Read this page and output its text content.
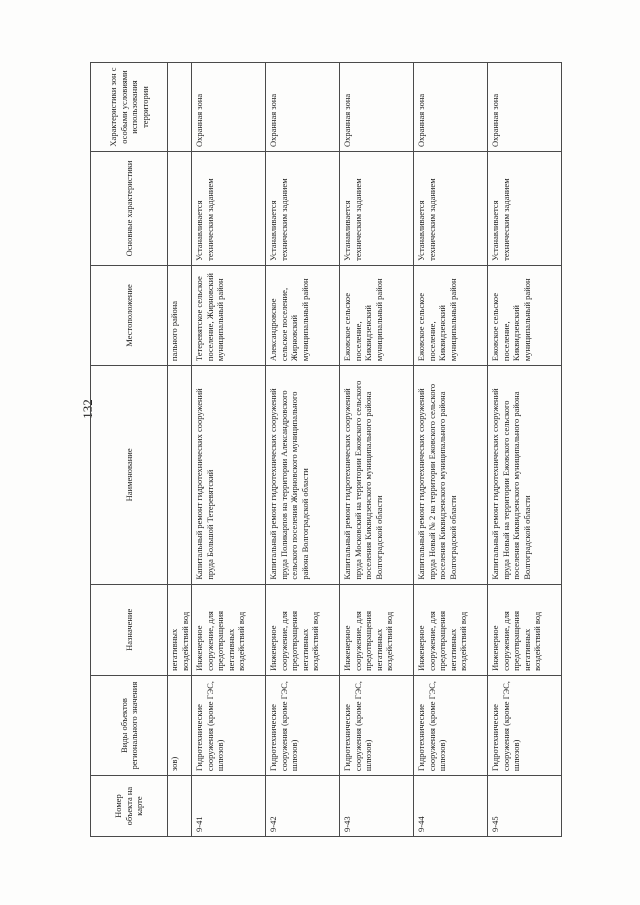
132
Номер объекта на карте	Виды объектов регионального значения	Назначение	Наименование	Местоположение	Основные характеристики	Характеристики зон с особыми условиями использования территории
	зов)	негативных воздействий вод		пального района		
9-41	Гидротехнические сооружения (кроме ГЭС, шлюзов)	Инженерное сооружение, для предотвращения негативных воздействий вод	Капитальный ремонт гидротехнических сооружений пруда Большой Тетеревятский	Тетеревятское сельское поселение, Жирновский муниципальный район	Устанавливается техническим заданием	Охранная зона
9-42	Гидротехнические сооружения (кроме ГЭС, шлюзов)	Инженерное сооружение, для предотвращения негативных воздействий вод	Капитальный ремонт гидротехнических сооружений пруда Поликарпов на территории Александровского сельского поселения Жирновского муниципального района Волгоградской области	Александровское сельское поселение, Жирновский муниципальный район	Устанавливается техническим заданием	Охранная зона
9-43	Гидротехнические сооружения (кроме ГЭС, шлюзов)	Инженерное сооружение, для предотвращения негативных воздействий вод	Капитальный ремонт гидротехнических сооружений пруда Московский на территории Ежовского сельского поселения Киквидзенского муниципального района Волгоградской области	Ежовское сельское поселение, Киквидзенский муниципальный район	Устанавливается техническим заданием	Охранная зона
9-44	Гидротехнические сооружения (кроме ГЭС, шлюзов)	Инженерное сооружение, для предотвращения негативных воздействий вод	Капитальный ремонт гидротехнических сооружений пруда Новый № 2 на территории Ежовского сельского поселения Киквидзенского муниципального района Волгоградской области	Ежовское сельское поселение, Киквидзенский муниципальный район	Устанавливается техническим заданием	Охранная зона
9-45	Гидротехнические сооружения (кроме ГЭС, шлюзов)	Инженерное сооружение, для предотвращения негативных воздействий вод	Капитальный ремонт гидротехнических сооружений пруда Новый на территории Ежовского сельского поселения Киквидзенского муниципального района Волгоградской области	Ежовское сельское поселение, Киквидзенский муниципальный район	Устанавливается техническим заданием	Охранная зона
